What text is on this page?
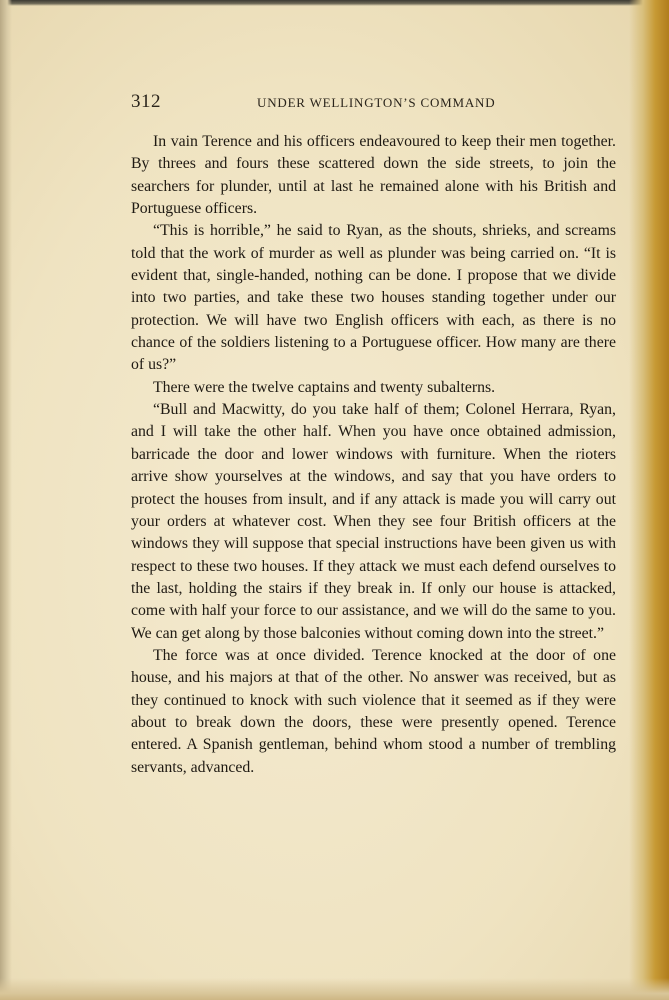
312	UNDER WELLINGTON’S COMMAND

In vain Terence and his officers endeavoured to keep their men together. By threes and fours these scattered down the side streets, to join the searchers for plunder, until at last he remained alone with his British and Portuguese officers.

“This is horrible,” he said to Ryan, as the shouts, shrieks, and screams told that the work of murder as well as plunder was being carried on. “It is evident that, single-handed, nothing can be done. I propose that we divide into two parties, and take these two houses standing together under our protection. We will have two English officers with each, as there is no chance of the soldiers listening to a Portuguese officer. How many are there of us?”

There were the twelve captains and twenty subalterns.

“Bull and Macwitty, do you take half of them; Colonel Herrara, Ryan, and I will take the other half. When you have once obtained admission, barricade the door and lower windows with furniture. When the rioters arrive show yourselves at the windows, and say that you have orders to protect the houses from insult, and if any attack is made you will carry out your orders at whatever cost. When they see four British officers at the windows they will suppose that special instructions have been given us with respect to these two houses. If they attack we must each defend ourselves to the last, holding the stairs if they break in. If only our house is attacked, come with half your force to our assistance, and we will do the same to you. We can get along by those balconies without coming down into the street.”

The force was at once divided. Terence knocked at the door of one house, and his majors at that of the other. No answer was received, but as they continued to knock with such violence that it seemed as if they were about to break down the doors, these were presently opened. Terence entered. A Spanish gentleman, behind whom stood a number of trembling servants, advanced.
